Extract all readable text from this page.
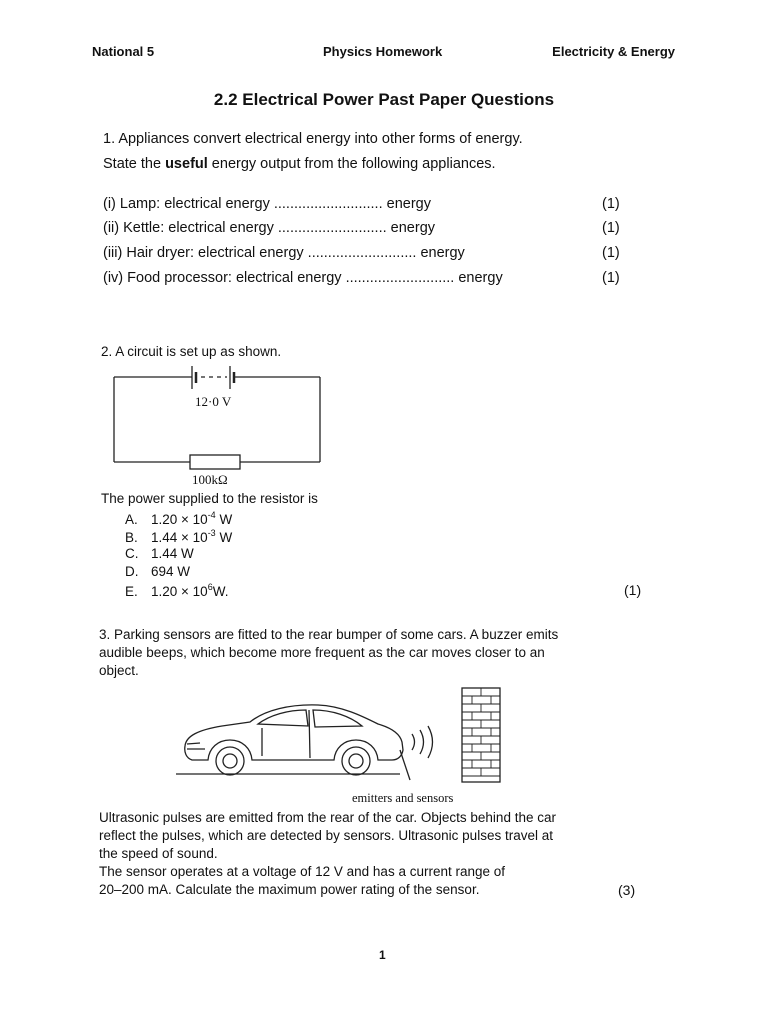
National 5	Physics Homework	Electricity & Energy
2.2 Electrical Power Past Paper Questions
1. Appliances convert electrical energy into other forms of energy.
State the useful energy output from the following appliances.
(i) Lamp: electrical energy ........................... energy	(1)
(ii) Kettle: electrical energy ........................... energy	(1)
(iii) Hair dryer: electrical energy ........................... energy	(1)
(iv) Food processor: electrical energy ........................... energy	(1)
2. A circuit is set up as shown.
12·0 V
100kΩ
The power supplied to the resistor is
A. $1.20 \times 10^{-4}$ W
B. $1.44 \times 10^{-3}$ W
C. 1.44 W
D. 694 W
E. $1.20 \times 10^6W$.	(1)
3. Parking sensors are fitted to the rear bumper of some cars. A buzzer emits
audible beeps, which become more frequent as the car moves closer to an
object.
emitters and sensors
Ultrasonic pulses are emitted from the rear of the car. Objects behind the car
reflect the pulses, which are detected by sensors. Ultrasonic pulses travel at
the speed of sound.
The sensor operates at a voltage of 12 V and has a current range of
20–200 mA. Calculate the maximum power rating of the sensor.	(3)
1
